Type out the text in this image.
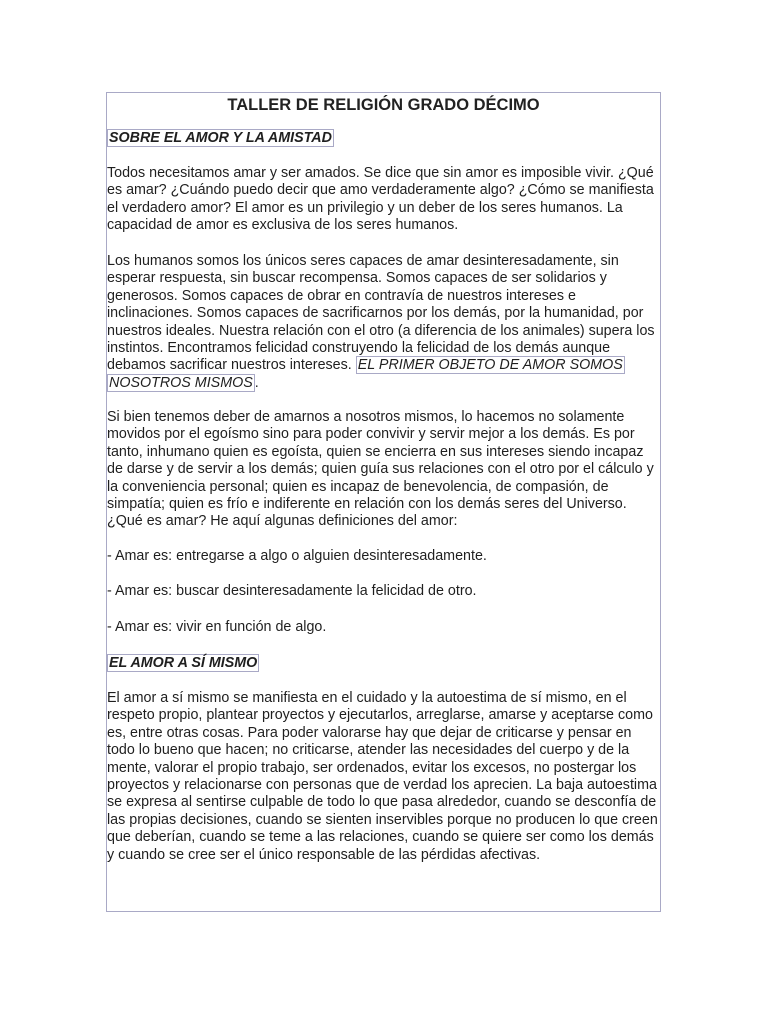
TALLER DE RELIGIÓN GRADO DÉCIMO

SOBRE EL AMOR Y LA AMISTAD

Todos necesitamos amar y ser amados. Se dice que sin amor es imposible vivir. ¿Qué es amar? ¿Cuándo puedo decir que amo verdaderamente algo? ¿Cómo se manifiesta el verdadero amor? El amor es un privilegio y un deber de los seres humanos. La capacidad de amor es exclusiva de los seres humanos.

Los humanos somos los únicos seres capaces de amar desinteresadamente, sin esperar respuesta, sin buscar recompensa. Somos capaces de ser solidarios y generosos. Somos capaces de obrar en contravía de nuestros intereses e inclinaciones. Somos capaces de sacrificarnos por los demás, por la humanidad, por nuestros ideales. Nuestra relación con el otro (a diferencia de los animales) supera los instintos. Encontramos felicidad construyendo la felicidad de los demás aunque debamos sacrificar nuestros intereses. EL PRIMER OBJETO DE AMOR SOMOS NOSOTROS MISMOS .

Si bien tenemos deber de amarnos a nosotros mismos, lo hacemos no solamente movidos por el egoísmo sino para poder convivir y servir mejor a los demás. Es por tanto, inhumano quien es egoísta, quien se encierra en sus intereses siendo incapaz de darse y de servir a los demás; quien guía sus relaciones con el otro por el cálculo y la conveniencia personal; quien es incapaz de benevolencia, de compasión, de simpatía; quien es frío e indiferente en relación con los demás seres del Universo. ¿Qué es amar? He aquí algunas definiciones del amor:

- Amar es: entregarse a algo o alguien desinteresadamente.

- Amar es: buscar desinteresadamente la felicidad de otro.

- Amar es: vivir en función de algo.

EL AMOR A SÍ MISMO

El amor a sí mismo se manifiesta en el cuidado y la autoestima de sí mismo, en el respeto propio, plantear proyectos y ejecutarlos, arreglarse, amarse y aceptarse como es, entre otras cosas. Para poder valorarse hay que dejar de criticarse y pensar en todo lo bueno que hacen; no criticarse, atender las necesidades del cuerpo y de la mente, valorar el propio trabajo, ser ordenados, evitar los excesos, no postergar los proyectos y relacionarse con personas que de verdad los aprecien. La baja autoestima se expresa al sentirse culpable de todo lo que pasa alrededor, cuando se desconfía de las propias decisiones, cuando se sienten inservibles porque no producen lo que creen que deberían, cuando se teme a las relaciones, cuando se quiere ser como los demás y cuando se cree ser el único responsable de las pérdidas afectivas.
